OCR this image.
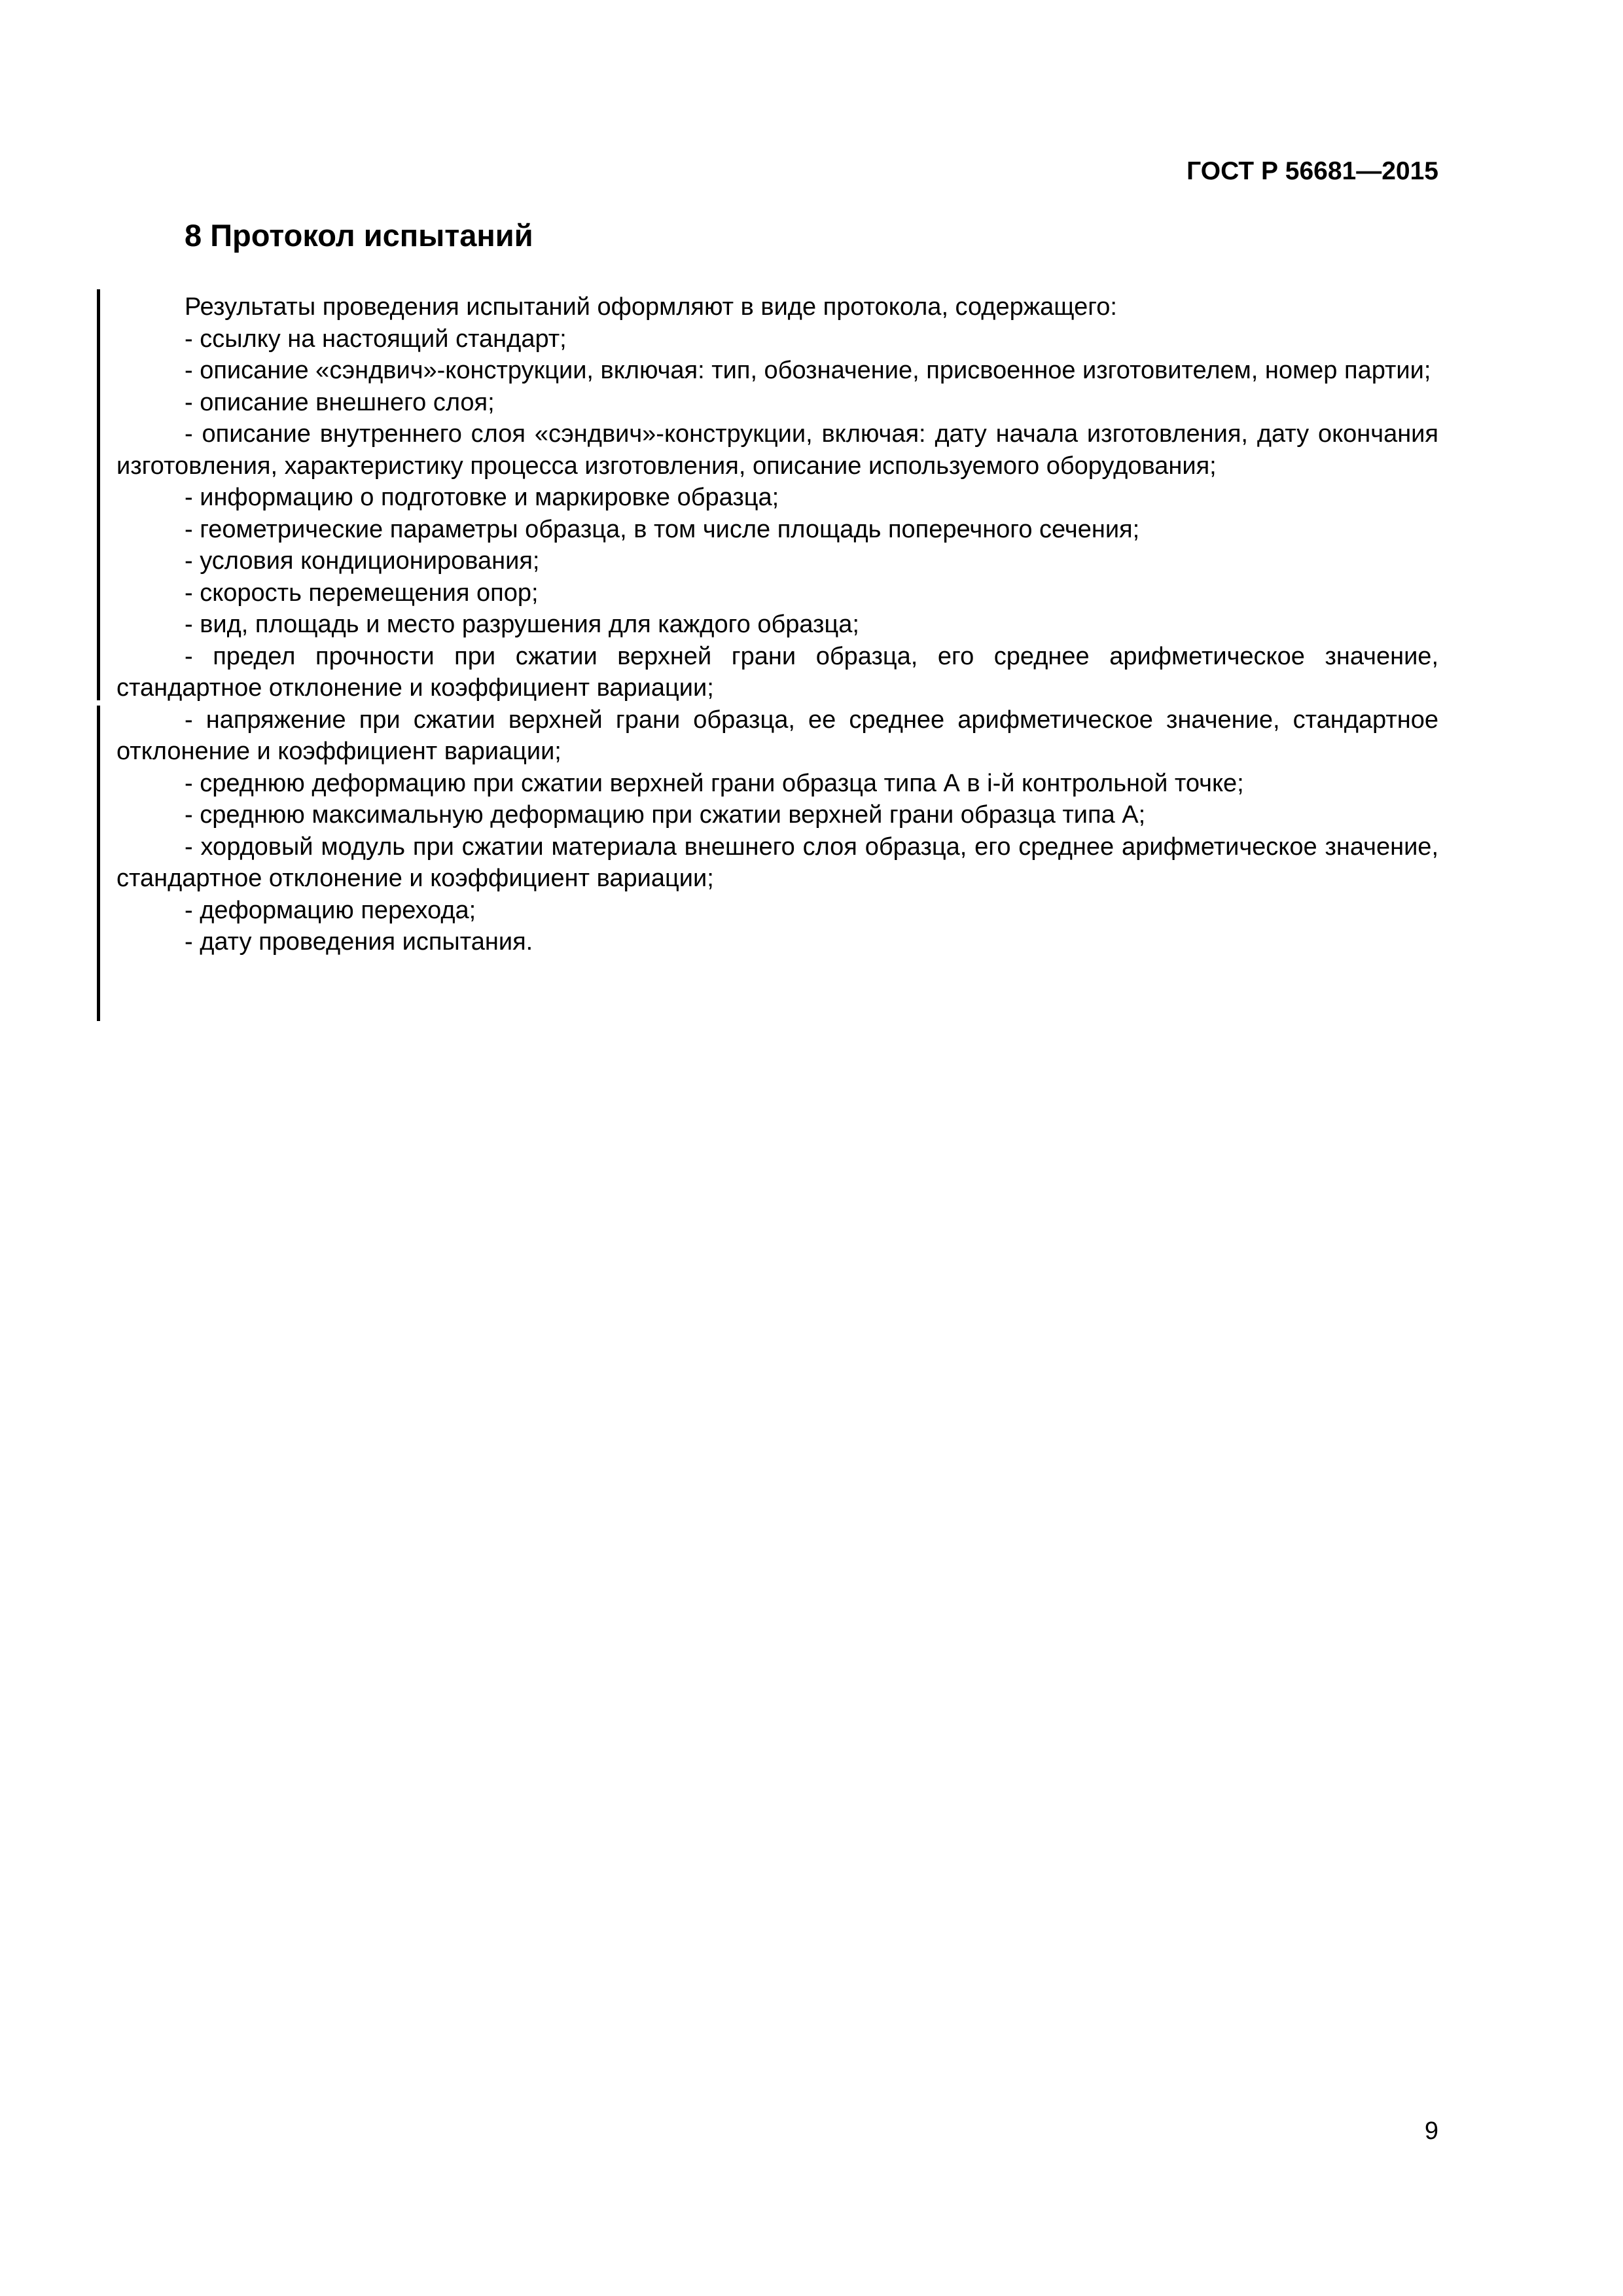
ГОСТ Р 56681—2015
8 Протокол испытаний

Результаты проведения испытаний оформляют в виде протокола, содержащего:

- ссылку на настоящий стандарт;

- описание «сэндвич»-конструкции, включая: тип, обозначение, присвоенное изготовителем, номер партии;

- описание внешнего слоя;

- описание внутреннего слоя «сэндвич»-конструкции, включая: дату начала изготовления, дату окончания изготовления, характеристику процесса изготовления, описание используемого оборудования;

- информацию о подготовке и маркировке образца;

- геометрические параметры образца, в том числе площадь поперечного сечения;

- условия кондиционирования;

- скорость перемещения опор;

- вид, площадь и место разрушения для каждого образца;

- предел прочности при сжатии верхней грани образца, его среднее арифметическое значение, стандартное отклонение и коэффициент вариации;

- напряжение при сжатии верхней грани образца, ее среднее арифметическое значение, стандартное отклонение и коэффициент вариации;

- среднюю деформацию при сжатии верхней грани образца типа А в i-й контрольной точке;

- среднюю максимальную деформацию при сжатии верхней грани образца типа А;

- хордовый модуль при сжатии материала внешнего слоя образца, его среднее арифметическое значение, стандартное отклонение и коэффициент вариации;

- деформацию перехода;

- дату проведения испытания.

9
